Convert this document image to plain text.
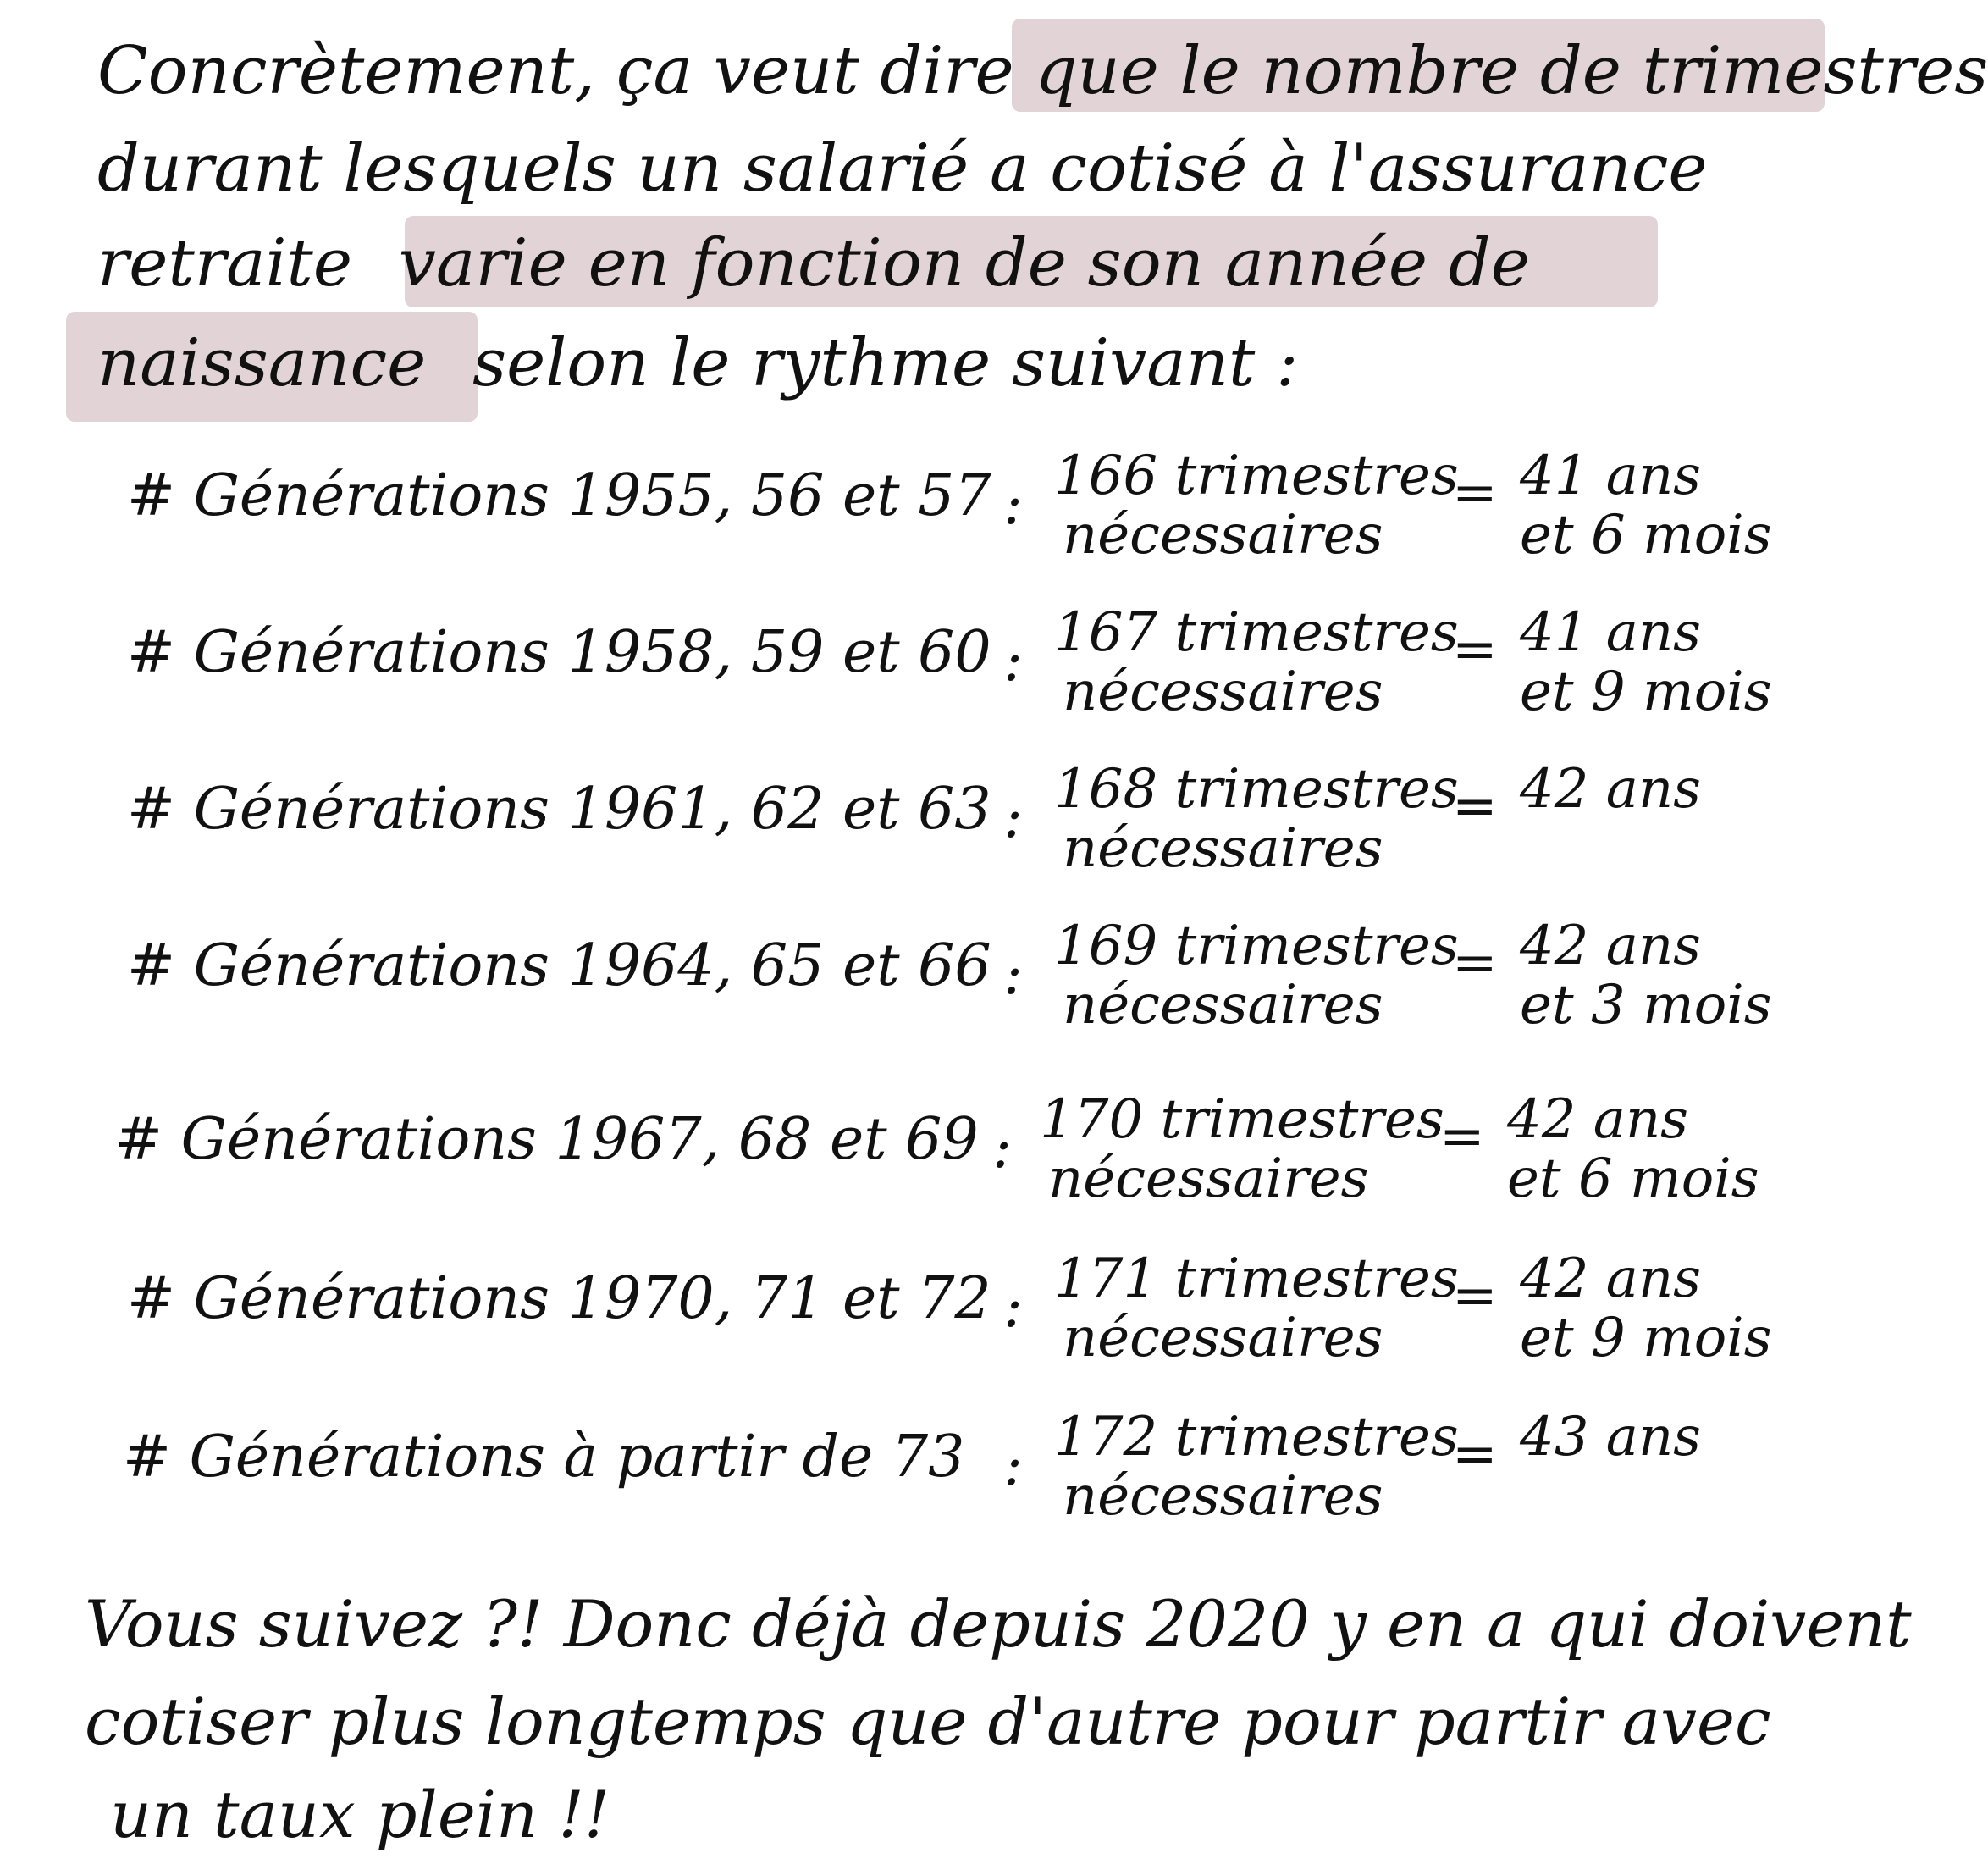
Concrètement, ça veut dire que le nombre de trimestres

durant lesquels un salarié a cotisé à l'assurance

retraite varie en fonction de son année de

naissance selon le rythme suivant :

# Générations 1955, 56 et 57 : 166 trimestres
nécessaires
= 41 ans
et 6 mois
# Générations 1958, 59 et 60 : 167 trimestres
nécessaires
= 41 ans
et 9 mois
# Générations 1961, 62 et 63 : 168 trimestres
nécessaires
= 42 ans
# Générations 1964, 65 et 66 : 169 trimestres
nécessaires
= 42 ans
et 3 mois
# Générations 1967, 68 et 69 : 170 trimestres
nécessaires
= 42 ans
et 6 mois
# Générations 1970, 71 et 72 : 171 trimestres
nécessaires
= 42 ans
et 9 mois
# Générations à partir de 73 : 172 trimestres
nécessaires
= 43 ans

Vous suivez ?! Donc déjà depuis 2020 y en a qui doivent

cotiser plus longtemps que d'autre pour partir avec

un taux plein !!
